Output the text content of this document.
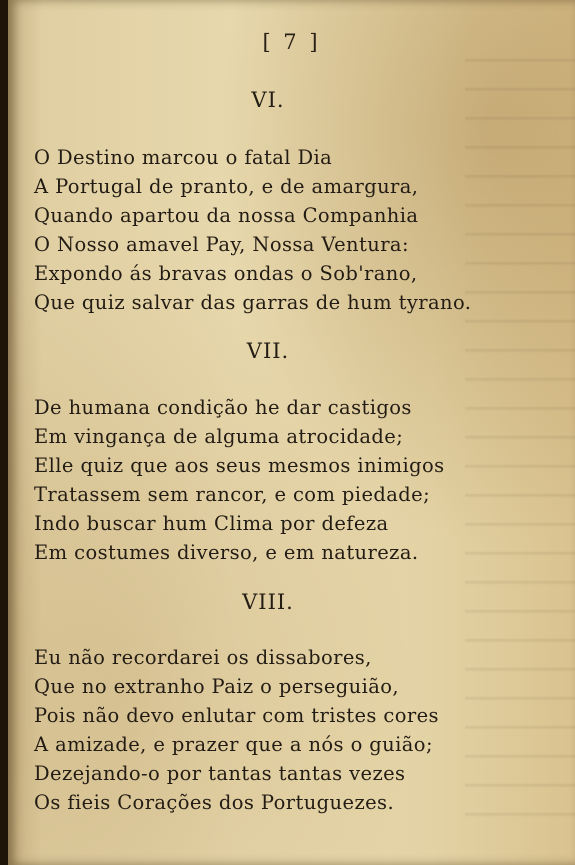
[ 7 ]
VI.
O Destino marcou o fatal Dia
A Portugal de pranto, e de amargura,
Quando apartou da nossa Companhia
O Nosso amavel Pay, Nossa Ventura:
Expondo ás bravas ondas o Sob'rano,
Que quiz salvar das garras de hum tyrano.
VII.
De humana condição he dar castigos
Em vingança de alguma atrocidade;
Elle quiz que aos seus mesmos inimigos
Tratassem sem rancor, e com piedade;
Indo buscar hum Clima por defeza
Em costumes diverso, e em natureza.
VIII.
Eu não recordarei os dissabores,
Que no extranho Paiz o perseguião,
Pois não devo enlutar com tristes cores
A amizade, e prazer que a nós o guião;
Dezejando-o por tantas tantas vezes
Os fieis Corações dos Portuguezes.
